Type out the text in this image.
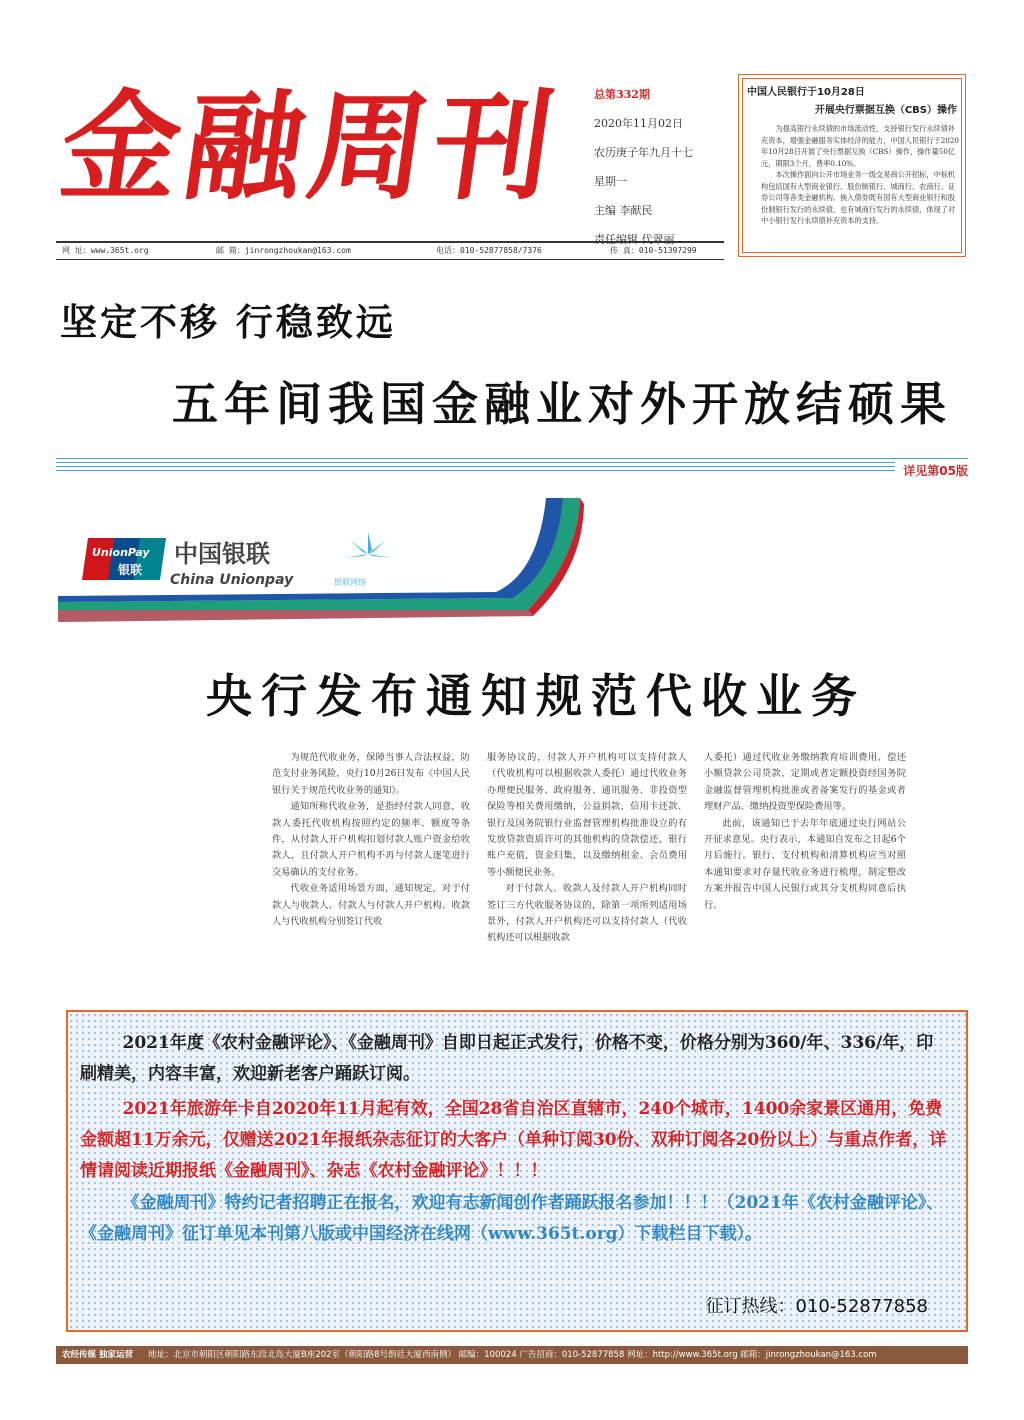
金融周刊	总第332期
2020年11月02日
农历庚子年九月十七
星期一
主编 李献民
责任编辑 代翠丽
网 址：www.365t.org	邮 箱：jinrongzhoukan@163.com	电话：010-52877858/7376	传 真：010-51397299
中国人民银行于10月28日
开展央行票据互换（CBS）操作

为提高银行永续债的市场流动性，支持银行发行永续债补充资本，增强金融服务实体经济的能力，中国人民银行于2020年10月28日开展了央行票据互换（CBS）操作，操作量50亿元，期限3个月，费率0.10%。

本次操作面向公开市场业务一级交易商公开招标，中标机构包括国有大型商业银行、股份制银行、城商行、农商行、证券公司等各类金融机构。换入债券既有国有大型商业银行和股份制银行发行的永续债，也有城商行发行的永续债，体现了对中小银行发行永续债补充资本的支持。

坚定不移 行稳致远
五年间我国金融业对外开放结硕果
详见第05版
UnionPay
银联
中国银联
China Unionpay	银联网络
央行发布通知规范代收业务

为规范代收业务，保障当事人合法权益，防范支付业务风险，央行10月26日发布《中国人民银行关于规范代收业务的通知》。

通知所称代收业务，是指经付款人同意，收款人委托代收机构按照约定的频率、额度等条件，从付款人开户机构扣划付款人账户资金给收款人，且付款人开户机构不再与付款人逐笔进行交易确认的支付业务。

代收业务适用场景方面，通知规定，对于付款人与收款人、付款人与付款人开户机构、收款人与代收机构分别签订代收

服务协议的，付款人开户机构可以支持付款人（代收机构可以根据收款人委托）通过代收业务办理便民服务、政府服务、通讯服务、非投资型保险等相关费用缴纳，公益捐款，信用卡还款、银行及国务院银行业监督管理机构批准设立的有发放贷款资质许可的其他机构的贷款偿还，银行账户充值，资金归集，以及缴纳租金、会员费用等小额便民业务。

对于付款人、收款人及付款人开户机构同时签订三方代收服务协议的，除第一项所列适用场景外，付款人开户机构还可以支持付款人（代收机构还可以根据收款

人委托）通过代收业务缴纳教育培训费用、偿还小额贷款公司贷款、定期或者定额投资经国务院金融监督管理机构批准或者备案发行的基金或者理财产品、缴纳投资型保险费用等。

此前，该通知已于去年年底通过央行网站公开征求意见。央行表示，本通知自发布之日起6个月后施行。银行、支付机构和清算机构应当对照本通知要求对存量代收业务进行梳理，制定整改方案并报告中国人民银行或其分支机构同意后执行。

2021年度《农村金融评论》、《金融周刊》自即日起正式发行，价格不变，价格分别为360/年、336/年，印刷精美，内容丰富，欢迎新老客户踊跃订阅。

2021年旅游年卡自2020年11月起有效，全国28省自治区直辖市，240个城市，1400余家景区通用，免费金额超11万余元，仅赠送2021年报纸杂志征订的大客户（单种订阅30份、双种订阅各20份以上）与重点作者，详情请阅读近期报纸《金融周刊》、杂志《农村金融评论》！！！

《金融周刊》特约记者招聘正在报名，欢迎有志新闻创作者踊跃报名参加！！！（2021年《农村金融评论》、《金融周刊》征订单见本刊第八版或中国经济在线网（www.365t.org）下载栏目下载）。

征订热线：010-52877858
农经传媒 独家运营 地址：北京市朝阳区朝阳路东段北岛大厦B座202室（朝阳路8号朗廷大厦西南侧） 邮编：100024 广告招商：010-52877858 网址：http://www.365t.org 邮箱：jinrongzhoukan@163.com
